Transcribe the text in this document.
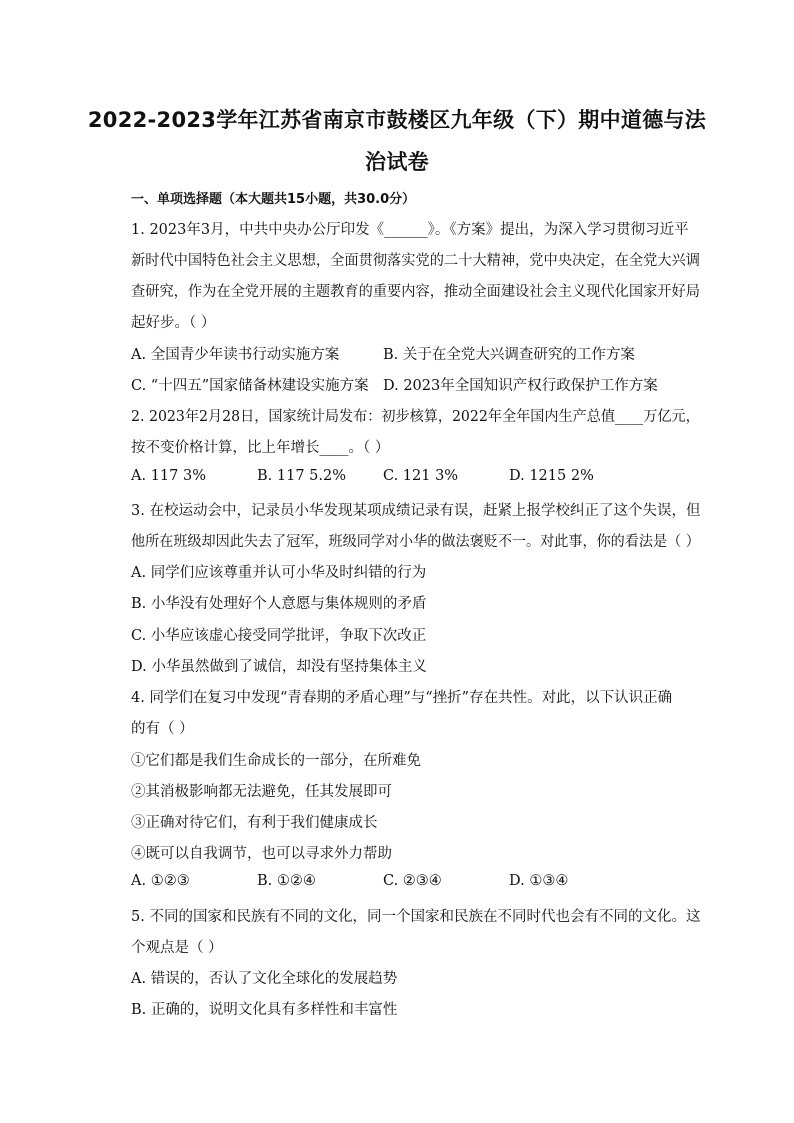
2022-2023学年江苏省南京市鼓楼区九年级（下）期中道德与法
治试卷
一、单项选择题（本大题共15小题，共30.0分）
1. 2023年3月，中共中央办公厅印发《______》。《方案》提出，为深入学习贯彻习近平
新时代中国特色社会主义思想，全面贯彻落实党的二十大精神，党中央决定，在全党大兴调
查研究，作为在全党开展的主题教育的重要内容，推动全面建设社会主义现代化国家开好局
起好步。（ ）
A. 全国青少年读书行动实施方案	B. 关于在全党大兴调查研究的工作方案
C. “十四五”国家储备林建设实施方案 D. 2023年全国知识产权行政保护工作方案
2. 2023年2月28日，国家统计局发布：初步核算，2022年全年国内生产总值____万亿元，
按不变价格计算，比上年增长____。（ ）
A. 117 3%	B. 117 5.2%	C. 121 3%	D. 1215 2%
3. 在校运动会中，记录员小华发现某项成绩记录有误，赶紧上报学校纠正了这个失误，但
他所在班级却因此失去了冠军，班级同学对小华的做法褒贬不一。对此事，你的看法是（ ）
A. 同学们应该尊重并认可小华及时纠错的行为
B. 小华没有处理好个人意愿与集体规则的矛盾
C. 小华应该虚心接受同学批评，争取下次改正
D. 小华虽然做到了诚信，却没有坚持集体主义
4. 同学们在复习中发现“青春期的矛盾心理”与“挫折”存在共性。对此，以下认识正确
的有（ ）
①它们都是我们生命成长的一部分，在所难免
②其消极影响都无法避免，任其发展即可
③正确对待它们，有利于我们健康成长
④既可以自我调节，也可以寻求外力帮助
A. ①②③	B. ①②④	C. ②③④	D. ①③④
5. 不同的国家和民族有不同的文化，同一个国家和民族在不同时代也会有不同的文化。这
个观点是（ ）
A. 错误的，否认了文化全球化的发展趋势
B. 正确的，说明文化具有多样性和丰富性
